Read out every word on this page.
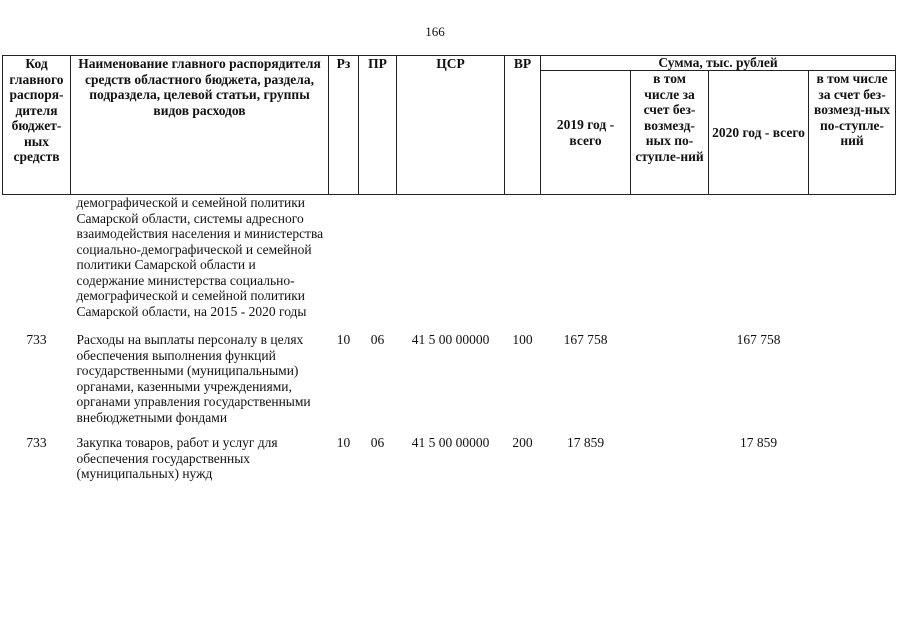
166
Код главного распоря-дителя бюджет-ных средств	Наименование главного распорядителя средств областного бюджета, раздела, подраздела, целевой статьи, группы видов расходов	Рз	ПР	ЦСР	ВР	Сумма, тыс. рублей			
						2019 год - всего	в том числе за счет без-возмезд-ных по-ступле-ний	2020 год - всего	в том числе за счет без-возмезд-ных по-ступле-ний
	демографической и семейной политики Самарской области, системы адресного взаимодействия населения и министерства социально-демографической и семейной политики Самарской области и содержание министерства социально-демографической и семейной политики Самарской области, на 2015 - 2020 годы								
733	Расходы на выплаты персоналу в целях обеспечения выполнения функций государственными (муниципальными) органами, казенными учреждениями, органами управления государственными внебюджетными фондами	10	06	41 5 00 00000	100	167 758		167 758	
733	Закупка товаров, работ и услуг для обеспечения государственных (муниципальных) нужд	10	06	41 5 00 00000	200	17 859		17 859	
